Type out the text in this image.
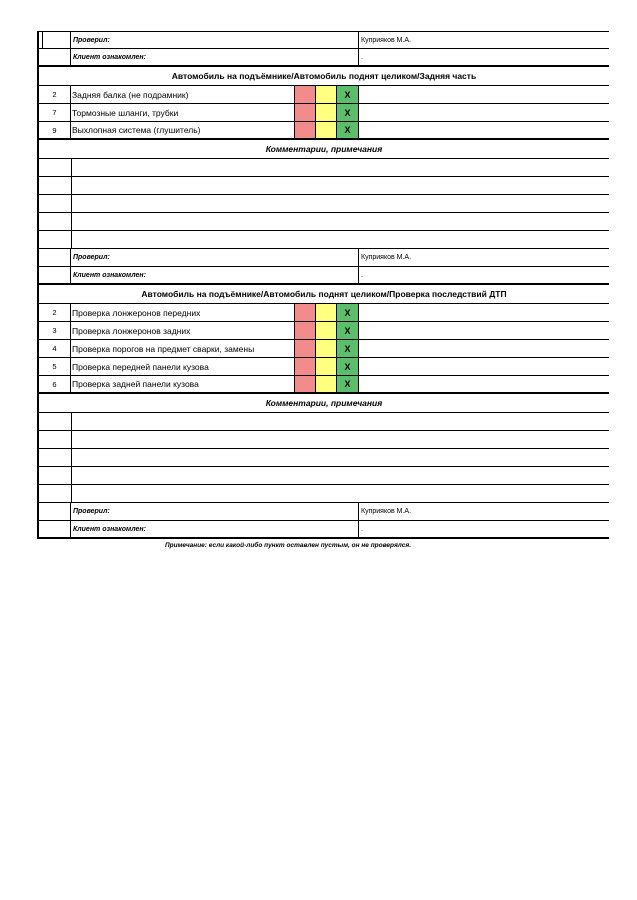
Проверил:	Куприяков М.А.
Клиент ознакомлен:	.
Автомобиль на подъёмнике/Автомобиль поднят целиком/Задняя часть
2	Задняя балка (не подрамник)	X
7	Тормозные шланги, трубки	X
9	Выхлопная система (глушитель)	X
Комментарии, примечания
Проверил:	Куприяков М.А.
Клиент ознакомлен:	.
Автомобиль на подъёмнике/Автомобиль поднят целиком/Проверка последствий ДТП
2	Проверка лонжеронов передних	X
3	Проверка лонжеронов задних	X
4	Проверка порогов на предмет сварки, замены	X
5	Проверка передней панели кузова	X
6	Проверка задней панели кузова	X
Комментарии, примечания
Проверил:	Куприяков М.А.
Клиент ознакомлен:	.
Примечание: если какой-либо пункт оставлен пустым, он не проверялся.
